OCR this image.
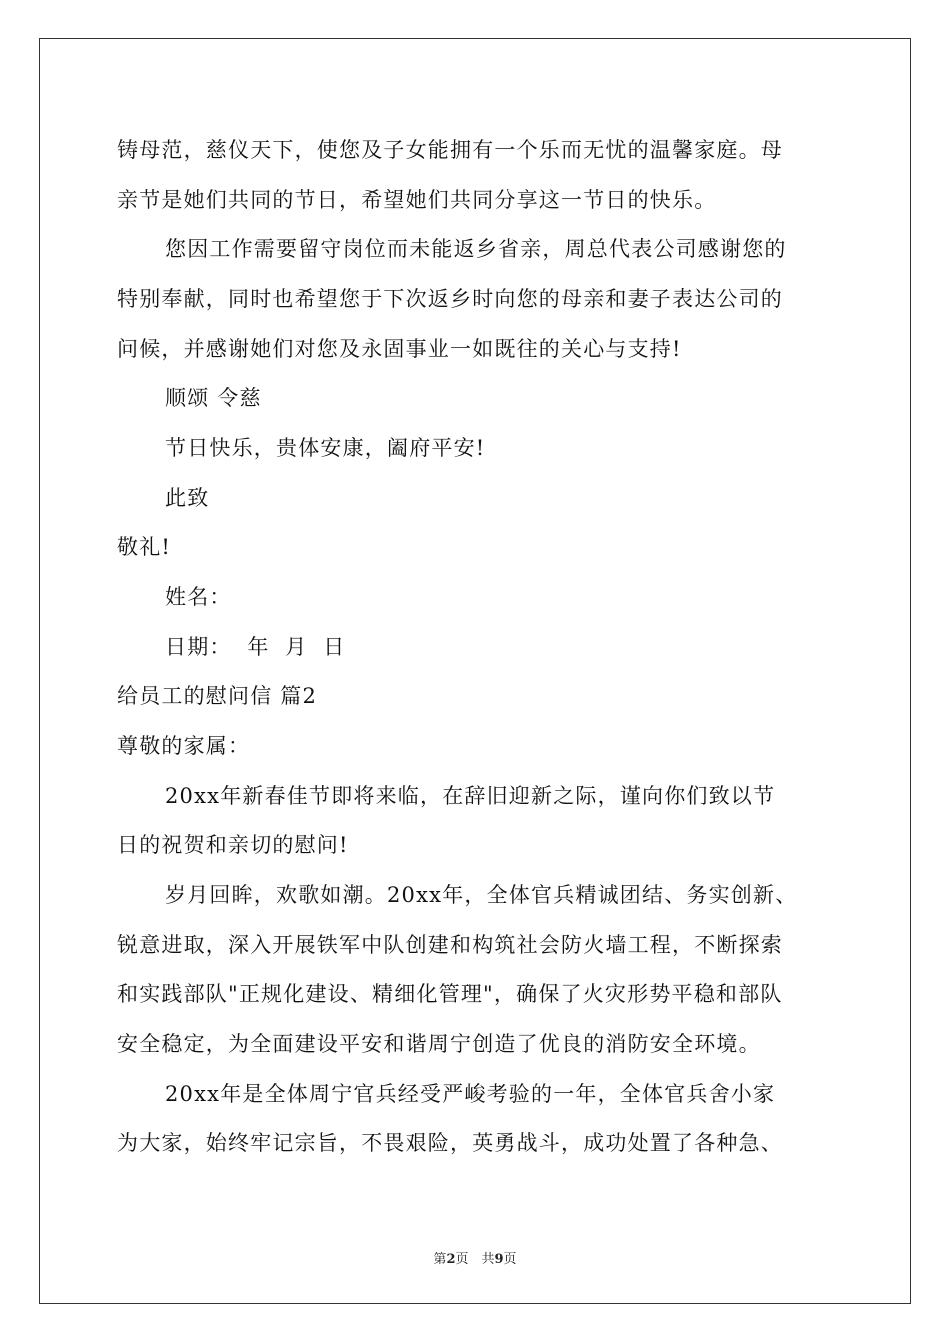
铸母范，慈仪天下，使您及子女能拥有一个乐而无忧的温馨家庭。母
亲节是她们共同的节日，希望她们共同分享这一节日的快乐。
您因工作需要留守岗位而未能返乡省亲，周总代表公司感谢您的
特别奉献，同时也希望您于下次返乡时向您的母亲和妻子表达公司的
问候，并感谢她们对您及永固事业一如既往的关心与支持!
顺颂 令慈
节日快乐，贵体安康，阖府平安!
此致
敬礼!
姓名：
日期：  年  月  日
给员工的慰问信 篇2
尊敬的家属：
20xx年新春佳节即将来临，在辞旧迎新之际，谨向你们致以节
日的祝贺和亲切的慰问!
岁月回眸，欢歌如潮。20xx年，全体官兵精诚团结、务实创新、
锐意进取，深入开展铁军中队创建和构筑社会防火墙工程，不断探索
和实践部队"正规化建设、精细化管理"，确保了火灾形势平稳和部队
安全稳定，为全面建设平安和谐周宁创造了优良的消防安全环境。
20xx年是全体周宁官兵经受严峻考验的一年，全体官兵舍小家
为大家，始终牢记宗旨，不畏艰险，英勇战斗，成功处置了各种急、
第2页　共9页
